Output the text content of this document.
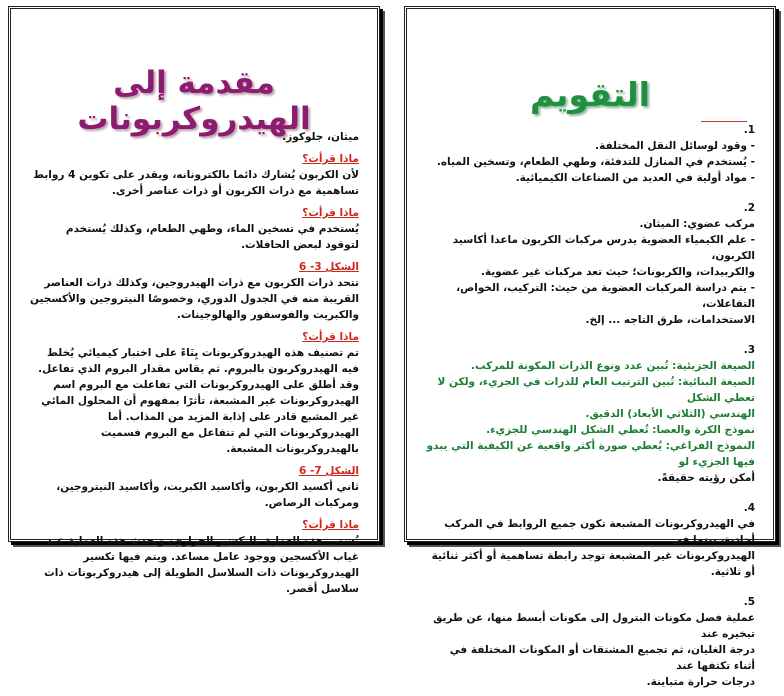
مقدمة إلى الهيدروكربونات
ميثان، جلوكوز.
ماذا قرأت؟
لأن الكربون يُشارك دائما بالكترونانه، ويقدر على تكوين 4 روابط تساهمية مع ذرات الكربون أو ذرات عناصر أخرى.
ماذا قرأت؟
يُستخدم في تسخين الماء، وطهي الطعام، وكذلك يُستخدم لتوقود لبعض الحافلات.
الشكل 3- 6
تتحد ذرات الكربون مع ذرات الهيدروجين، وكذلك ذرات العناصر القريبة منه في الجدول الدوري، وخصوصًا النيتروجين والأكسجين والكبريت والفوسفور والهالوجينات.
ماذا قرأت؟
تم تصنيف هذه الهيدروكربونات بِنَاءً على اختبار كيميائي يُخلط فيه الهيدروكربون بالبروم. ثم يقاس مقدار البروم الذي تفاعل. وقد أطلق على الهيدروكربونات التي تفاعلت مع البروم اسم الهيدروكربونات غير المشبعة، تأثرًا بمفهوم أن المحلول المائي غير المشبع قادر على إذابة المزيد من المذاب. أما الهيدروكربونات التي لم تتفاعل مع البروم فسميت بالهيدروكربونات المشبعة.
الشكل 7- 6
ثاني أكسيد الكربون، وأكاسيد الكبريت، وأكاسيد النيتروجين، ومركبات الرصاص.
ماذا قرأت؟
تُسمى هذه العملية بالتكسير الحراري، وتحدث هذه العملية عند غياب الأكسجين ووجود عامل مساعد. ويتم فيها تكسير الهيدروكربونات ذات السلاسل الطويلة إلى هيدروكربونات ذات سلاسل أقصر.
التقويم
1.
- وقود لوسائل النقل المختلفة.
- يُستخدم في المنازل للتدفئة، وطهي الطعام، وتسخين المياه.
- مواد أولية في العديد من الصناعات الكيميائية.
2.
مركب عضوي: الميثان.
- علم الكيمياء العضوية يدرس مركبات الكربون ماعدا أكاسيد الكربون،
والكربيدات، والكربونات؛ حيث تعد مركبات غير عضوية.
- يتم دراسة المركبات العضوية من حيث: التركيب، الخواص، التفاعلات،
الاستخدامات، طرق التاجه ... إلخ.
3.
الصيغة الجزيئية: تُبين عدد ونوع الذرات المكونة للمركب.
الصيغة البنائية: تُبين الترتيب العام للذرات في الجزيء، ولكن لا تعطي الشكل
الهندسي (الثلاثي الأبعاد) الدقيق.
نموذج الكرة والعصا: تُعطي الشكل الهندسي للجزيء.
النموذج الفراغي: يُعطي صورة أكثر واقعية عن الكيفية التي يبدو فيها الجزيء لو
أمكن رؤيته حقيقةً.
4.
في الهيدروكربونات المشبعة تكون جميع الروابط في المركب أحادية، بينما في
الهيدروكربونات غير المشبعة توجد رابطة تساهمية أو أكثر ثنائية أو ثلاثية.
5.
عملية فصل مكونات البترول إلى مكونات أبسط منها، عن طريق تبخيره عند
درجة الغليان، ثم تجميع المشتقات أو المكونات المختلفة في أثناء تكثفها عند
درجات حرارة متباينة.
